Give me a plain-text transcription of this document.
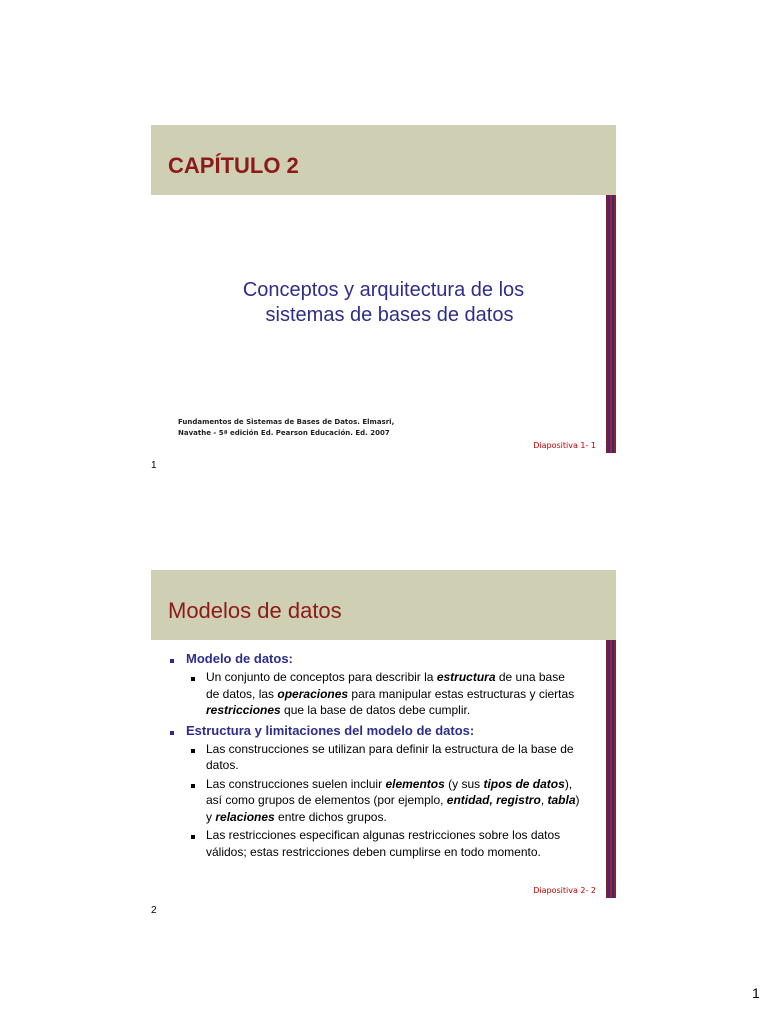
CAPÍTULO 2
Conceptos y arquitectura de los
sistemas de bases de datos
Fundamentos de Sistemas de Bases de Datos. Elmasri,
Navathe - 5ª edición Ed. Pearson Educación. Ed. 2007
Diapositiva 1- 1
1
Modelos de datos
Modelo de datos:
Un conjunto de conceptos para describir la estructura de una base de datos, las operaciones para manipular estas estructuras y ciertas restricciones que la base de datos debe cumplir.
Estructura y limitaciones del modelo de datos:
Las construcciones se utilizan para definir la estructura de la base de datos.
Las construcciones suelen incluir elementos (y sus tipos de datos), así como grupos de elementos (por ejemplo, entidad, registro, tabla) y relaciones entre dichos grupos.
Las restricciones especifican algunas restricciones sobre los datos válidos; estas restricciones deben cumplirse en todo momento.
Diapositiva 2- 2
2
1
